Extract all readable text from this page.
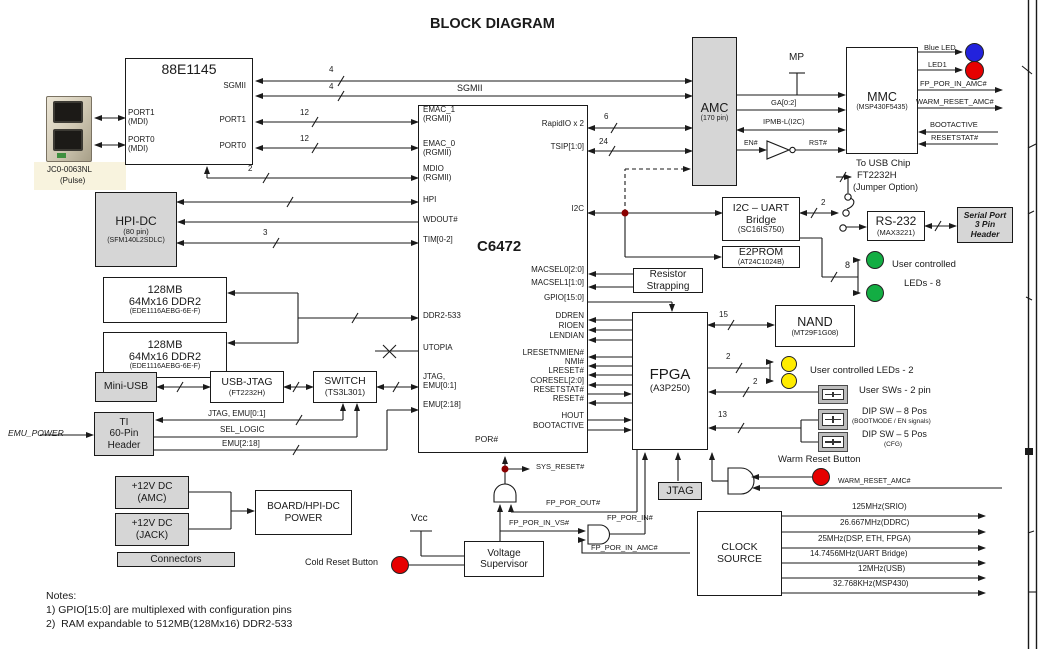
88E1145
HPI-DC
(80 pin)
(SFM140L2SDLC)
128MB
64Mx16 DDR2
(EDE1116AEBG-6E-F)
128MB
64Mx16 DDR2
(EDE1116AEBG-6E-F)
Mini-USB	USB-JTAG
(FT2232H)
SWITCH
(TS3L301)
TI
60-Pin
Header
+12V DC
(AMC)
+12V DC
(JACK)
BOARD/HPI-DC
POWER
Connectors
AMC
(170 pin)
MMC
(MSP430F5435)
I2C – UART
Bridge
(SC16IS750)
RS-232
(MAX3221)
Serial Port
3 Pin
Header
E2PROM
(AT24C1024B)
Resistor
Strapping
FPGA
(A3P250)
NAND
(MT29F1G08)
JTAG
CLOCK
SOURCE
Voltage
Supervisor
BLOCK DIAGRAM
C6472
PORT1
(MDI)
PORT0
(MDI)
SGMII
PORT1
PORT0
JC0-0063NL
(Pulse)
4
4	SGMII
12
12
2
3
6
24
EMAC_1
(RGMII)
EMAC_0
(RGMII)
MDIO
(RGMII)
HPI
WDOUT#
TIM[0-2]
DDR2-533
UTOPIA
JTAG,
EMU[0:1]
EMU[2:18]
POR#
RapidIO x 2
TSIP[1:0]
I2C
MACSEL0[2:0]
MACSEL1[1:0]
GPIO[15:0]
DDREN
RIOEN
LENDIAN
LRESETNMIEN#
NMI#
LRESET#
CORESEL[2:0]
RESETSTAT#
RESET#
HOUT
BOOTACTIVE
JTAG, EMU[0:1]
SEL_LOGIC
EMU[2:18]
EMU_POWER
MP
GA[0:2]
IPMB-L(I2C)
EN#	RST#
Blue LED
LED1
FP_POR_IN_AMC#
WARM_RESET_AMC#
BOOTACTIVE
RESETSTAT#
To USB Chip
FT2232H
(Jumper Option)
2
8	User controlled
LEDs - 8
15
2
User controlled LEDs - 2
2
User SWs - 2 pin
13	DIP SW – 8 Pos
(BOOTMODE / EN signals)
DIP SW – 5 Pos
(CFG)
Warm Reset Button
WARM_RESET_AMC#
SYS_RESET#
FP_POR_OUT#
FP_POR_IN#
FP_POR_IN_VS#
FP_POR_IN_AMC#
Vcc
Cold Reset Button
125MHz(SRIO)
26.667MHz(DDRC)
25MHz(DSP, ETH, FPGA)
14.7456MHz(UART Bridge)
12MHz(USB)
32.768KHz(MSP430)
Notes:
1) GPIO[15:0] are multiplexed with configuration pins
2)  RAM expandable to 512MB(128Mx16) DDR2-533
